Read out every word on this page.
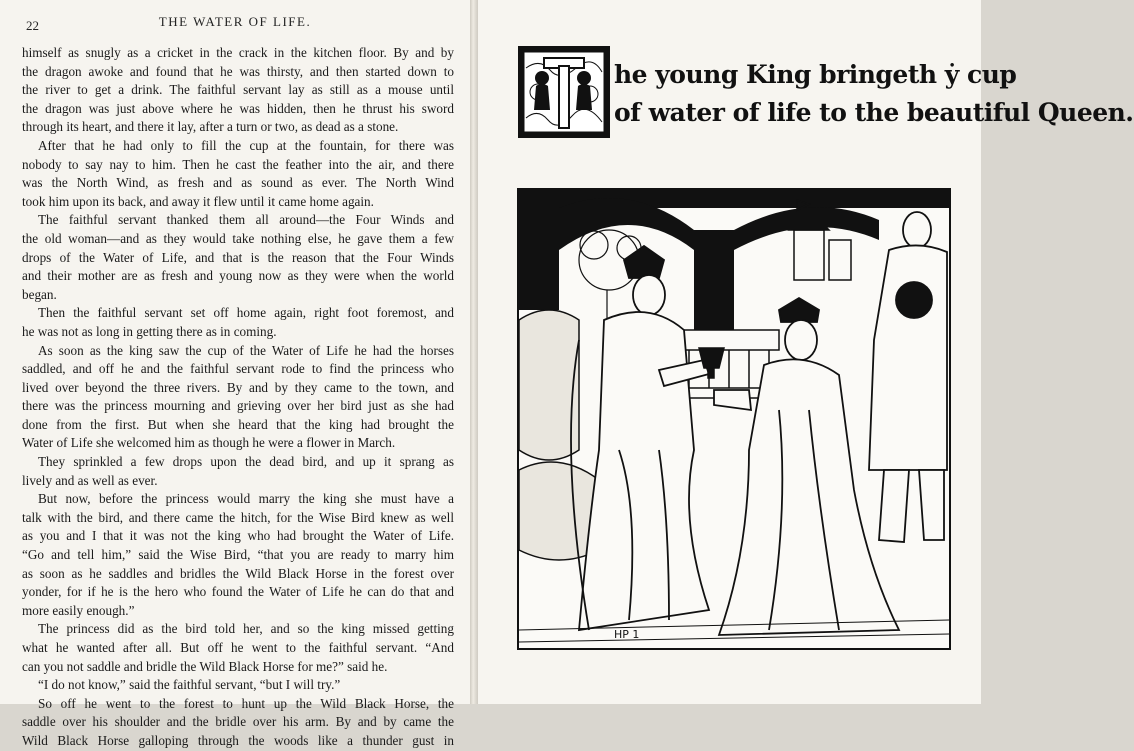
22	THE WATER OF LIFE.
himself as snugly as a cricket in the crack in the kitchen floor. By and by
the dragon awoke and found that he was thirsty, and then started down to
the river to get a drink. The faithful servant lay as still as a mouse until
the dragon was just above where he was hidden, then he thrust his sword
through its heart, and there it lay, after a turn or two, as dead as a stone.
After that he had only to fill the cup at the fountain, for there was
nobody to say nay to him. Then he cast the feather into the air, and there
was the North Wind, as fresh and as sound as ever. The North Wind
took him upon its back, and away it flew until it came home again.
The faithful servant thanked them all around—the Four Winds and
the old woman—and as they would take nothing else, he gave them a few
drops of the Water of Life, and that is the reason that the Four Winds
and their mother are as fresh and young now as they were when the world
began.
Then the faithful servant set off home again, right foot foremost, and
he was not as long in getting there as in coming.
As soon as the king saw the cup of the Water of Life he had the horses
saddled, and off he and the faithful servant rode to find the princess who
lived over beyond the three rivers. By and by they came to the town, and
there was the princess mourning and grieving over her bird just as she had
done from the first. But when she heard that the king had brought the
Water of Life she welcomed him as though he were a flower in March.
They sprinkled a few drops upon the dead bird, and up it sprang as
lively and as well as ever.
But now, before the princess would marry the king she must have a
talk with the bird, and there came the hitch, for the Wise Bird knew as well
as you and I that it was not the king who had brought the Water of Life.
“Go and tell him,” said the Wise Bird, “that you are ready to marry him
as soon as he saddles and bridles the Wild Black Horse in the forest over
yonder, for if he is the hero who found the Water of Life he can do that and
more easily enough.”
The princess did as the bird told her, and so the king missed getting
what he wanted after all. But off he went to the faithful servant. “And
can you not saddle and bridle the Wild Black Horse for me?” said he.
“I do not know,” said the faithful servant, “but I will try.”
So off he went to the forest to hunt up the Wild Black Horse, the
saddle over his shoulder and the bridle over his arm. By and by came the
Wild Black Horse galloping through the woods like a thunder gust in
T
he young King bringeth ẏ cup
of water of life to the beautiful Queen.
HP 1
